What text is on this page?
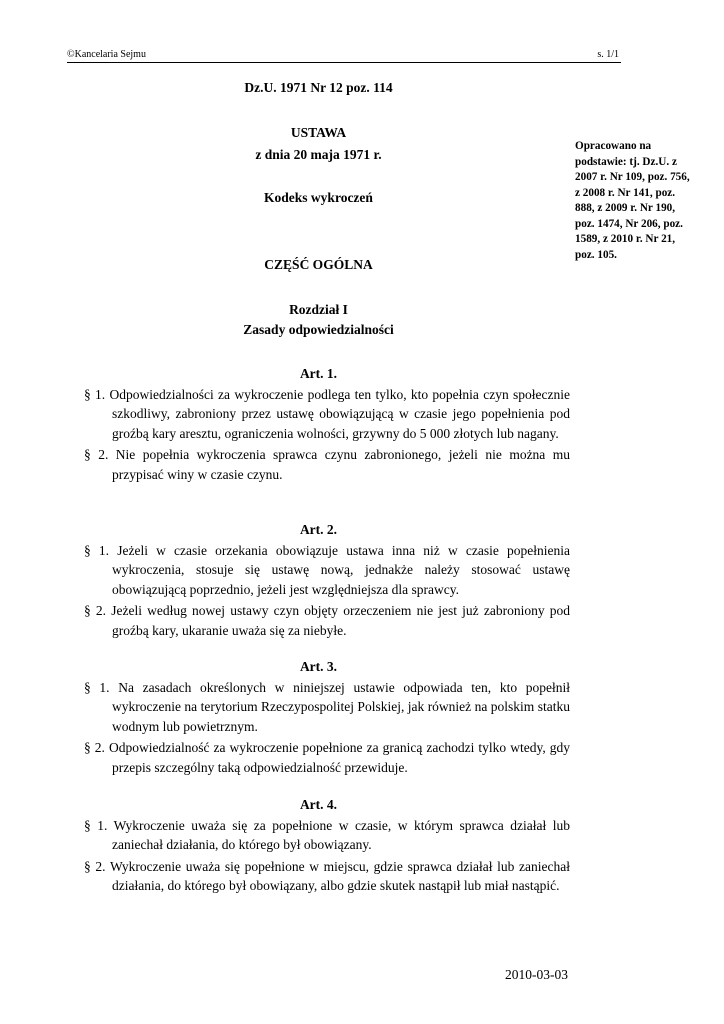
©Kancelaria Sejmu	s. 1/1
Dz.U. 1971 Nr 12 poz. 114
USTAWA
z dnia 20 maja 1971 r.
Kodeks wykroczeń
CZĘŚĆ OGÓLNA
Rozdział I
Zasady odpowiedzialności
Opracowano na podstawie: tj. Dz.U. z 2007 r. Nr 109, poz. 756, z 2008 r. Nr 141, poz. 888, z 2009 r. Nr 190, poz. 1474, Nr 206, poz. 1589, z 2010 r. Nr 21, poz. 105.
Art. 1.

§ 1. Odpowiedzialności za wykroczenie podlega ten tylko, kto popełnia czyn społecznie szkodliwy, zabroniony przez ustawę obowiązującą w czasie jego popełnienia pod groźbą kary aresztu, ograniczenia wolności, grzywny do 5 000 złotych lub nagany.

§ 2. Nie popełnia wykroczenia sprawca czynu zabronionego, jeżeli nie można mu przypisać winy w czasie czynu.

Art. 2.

§ 1. Jeżeli w czasie orzekania obowiązuje ustawa inna niż w czasie popełnienia wykroczenia, stosuje się ustawę nową, jednakże należy stosować ustawę obowiązującą poprzednio, jeżeli jest względniejsza dla sprawcy.

§ 2. Jeżeli według nowej ustawy czyn objęty orzeczeniem nie jest już zabroniony pod groźbą kary, ukaranie uważa się za niebyłe.

Art. 3.

§ 1. Na zasadach określonych w niniejszej ustawie odpowiada ten, kto popełnił wykroczenie na terytorium Rzeczypospolitej Polskiej, jak również na polskim statku wodnym lub powietrznym.

§ 2. Odpowiedzialność za wykroczenie popełnione za granicą zachodzi tylko wtedy, gdy przepis szczególny taką odpowiedzialność przewiduje.

Art. 4.

§ 1. Wykroczenie uważa się za popełnione w czasie, w którym sprawca działał lub zaniechał działania, do którego był obowiązany.

§ 2. Wykroczenie uważa się popełnione w miejscu, gdzie sprawca działał lub zaniechał działania, do którego był obowiązany, albo gdzie skutek nastąpił lub miał nastąpić.

2010-03-03
